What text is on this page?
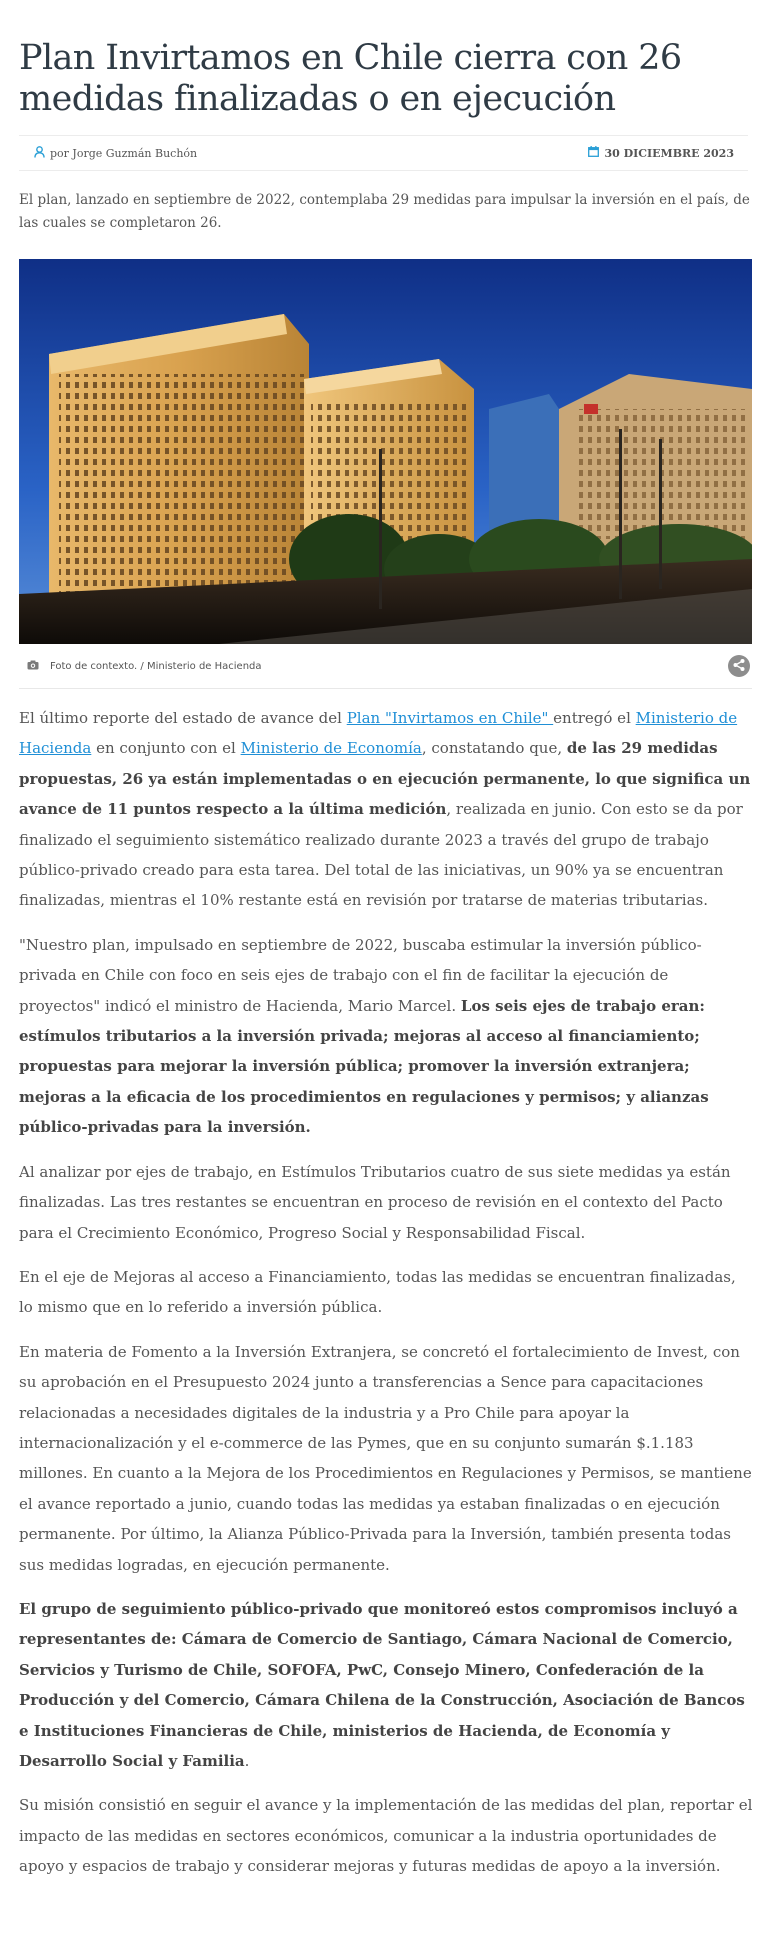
Plan Invirtamos en Chile cierra con 26 medidas finalizadas o en ejecución
por Jorge Guzmán Buchón	30 DICIEMBRE 2023
El plan, lanzado en septiembre de 2022, contemplaba 29 medidas para impulsar la inversión en el país, de las cuales se completaron 26.
Foto de contexto. / Ministerio de Hacienda

El último reporte del estado de avance del Plan "Invirtamos en Chile" entregó el Ministerio de Hacienda en conjunto con el Ministerio de Economía, constatando que, de las 29 medidas propuestas, 26 ya están implementadas o en ejecución permanente, lo que significa un avance de 11 puntos respecto a la última medición, realizada en junio. Con esto se da por finalizado el seguimiento sistemático realizado durante 2023 a través del grupo de trabajo público-privado creado para esta tarea. Del total de las iniciativas, un 90% ya se encuentran finalizadas, mientras el 10% restante está en revisión por tratarse de materias tributarias.

"Nuestro plan, impulsado en septiembre de 2022, buscaba estimular la inversión público-privada en Chile con foco en seis ejes de trabajo con el fin de facilitar la ejecución de proyectos" indicó el ministro de Hacienda, Mario Marcel. Los seis ejes de trabajo eran: estímulos tributarios a la inversión privada; mejoras al acceso al financiamiento; propuestas para mejorar la inversión pública; promover la inversión extranjera; mejoras a la eficacia de los procedimientos en regulaciones y permisos; y alianzas público-privadas para la inversión.

Al analizar por ejes de trabajo, en Estímulos Tributarios cuatro de sus siete medidas ya están finalizadas. Las tres restantes se encuentran en proceso de revisión en el contexto del Pacto para el Crecimiento Económico, Progreso Social y Responsabilidad Fiscal.

En el eje de Mejoras al acceso a Financiamiento, todas las medidas se encuentran finalizadas, lo mismo que en lo referido a inversión pública.

En materia de Fomento a la Inversión Extranjera, se concretó el fortalecimiento de Invest, con su aprobación en el Presupuesto 2024 junto a transferencias a Sence para capacitaciones relacionadas a necesidades digitales de la industria y a Pro Chile para apoyar la internacionalización y el e-commerce de las Pymes, que en su conjunto sumarán $.1.183 millones. En cuanto a la Mejora de los Procedimientos en Regulaciones y Permisos, se mantiene el avance reportado a junio, cuando todas las medidas ya estaban finalizadas o en ejecución permanente. Por último, la Alianza Público-Privada para la Inversión, también presenta todas sus medidas logradas, en ejecución permanente.

El grupo de seguimiento público-privado que monitoreó estos compromisos incluyó a representantes de: Cámara de Comercio de Santiago, Cámara Nacional de Comercio, Servicios y Turismo de Chile, SOFOFA, PwC, Consejo Minero, Confederación de la Producción y del Comercio, Cámara Chilena de la Construcción, Asociación de Bancos e Instituciones Financieras de Chile, ministerios de Hacienda, de Economía y Desarrollo Social y Familia.

Su misión consistió en seguir el avance y la implementación de las medidas del plan, reportar el impacto de las medidas en sectores económicos, comunicar a la industria oportunidades de apoyo y espacios de trabajo y considerar mejoras y futuras medidas de apoyo a la inversión.
